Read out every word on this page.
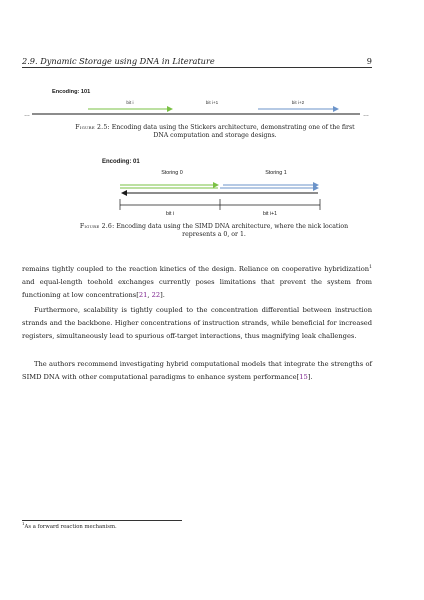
2.9. Dynamic Storage using DNA in Literature	9
Encoding: 101
bit i	bit i+1	bit i+2
…	…
Figure 2.5: Encoding data using the Stickers architecture, demonstrating one of the first DNA computation and storage designs.
Encoding: 01
Storing 0	Storing 1
bit i	bit i+1
Figure 2.6: Encoding data using the SIMD DNA architecture, where the nick location represents a 0, or 1.
remains tightly coupled to the reaction kinetics of the design. Reliance on cooperative hybridization$^1$ and equal-length toehold exchanges currently poses limitations that prevent the system from functioning at low concentrations[21, 22].
Furthermore, scalability is tightly coupled to the concentration differential between instruction strands and the backbone. Higher concentrations of instruction strands, while beneficial for increased registers, simultaneously lead to spurious off-target interactions, thus magnifying leak challenges.
The authors recommend investigating hybrid computational models that integrate the strengths of SIMD DNA with other computational paradigms to enhance system performance[15].
$^1$As a forward reaction mechanism.
